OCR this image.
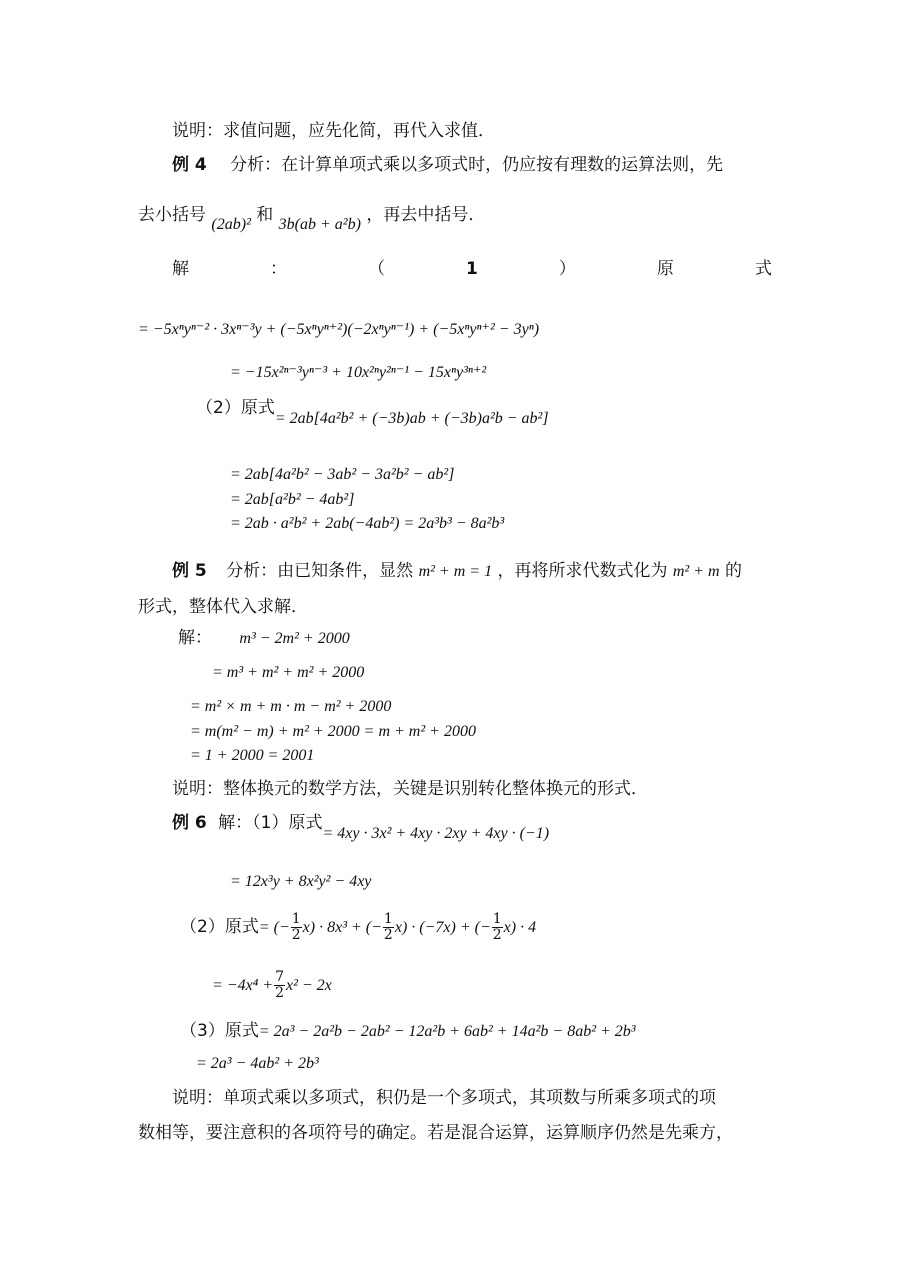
说明：求值问题，应先化简，再代入求值．
例 4 分析：在计算单项式乘以多项式时，仍应按有理数的运算法则，先
去小括号 (2ab)² 和 3b(ab + a²b) ，再去中括号．
解	：	（	1	）	原	式
= −5xⁿyⁿ⁻² · 3xⁿ⁻³y + (−5xⁿyⁿ⁺²)(−2xⁿyⁿ⁻¹) + (−5xⁿyⁿ⁺² − 3yⁿ)
= −15x²ⁿ⁻³yⁿ⁻³ + 10x²ⁿy²ⁿ⁻¹ − 15xⁿy³ⁿ⁺²
（2）原式= 2ab[4a²b² + (−3b)ab + (−3b)a²b − ab²]
= 2ab[4a²b² − 3ab² − 3a²b² − ab²]
= 2ab[a²b² − 4ab²]
= 2ab · a²b² + 2ab(−4ab²) = 2a³b³ − 8a²b³
例 5 分析：由已知条件，显然 m² + m = 1 ，再将所求代数式化为 m² + m 的
形式，整体代入求解．
解： m³ − 2m² + 2000
= m³ + m² + m² + 2000
= m² × m + m · m − m² + 2000
= m(m² − m) + m² + 2000 = m + m² + 2000
= 1 + 2000 = 2001
说明：整体换元的数学方法，关键是识别转化整体换元的形式．
例 6 解：（1）原式= 4xy · 3x² + 4xy · 2xy + 4xy · (−1)
= 12x³y + 8x²y² − 4xy
（2）原式= (− $\frac{1}{2} x) \cdot 8x^3$ + (− $\frac{1}{2} x) \cdot (-7x)$ + (− $\frac{1}{2} x) \cdot 4$
= $-4x^4 + \frac{7}{2} x^2 - 2x$
（3）原式= 2a³ − 2a²b − 2ab² − 12a²b + 6ab² + 14a²b − 8ab² + 2b³
= 2a³ − 4ab² + 2b³
说明：单项式乘以多项式，积仍是一个多项式，其项数与所乘多项式的项
数相等，要注意积的各项符号的确定。若是混合运算，运算顺序仍然是先乘方，
